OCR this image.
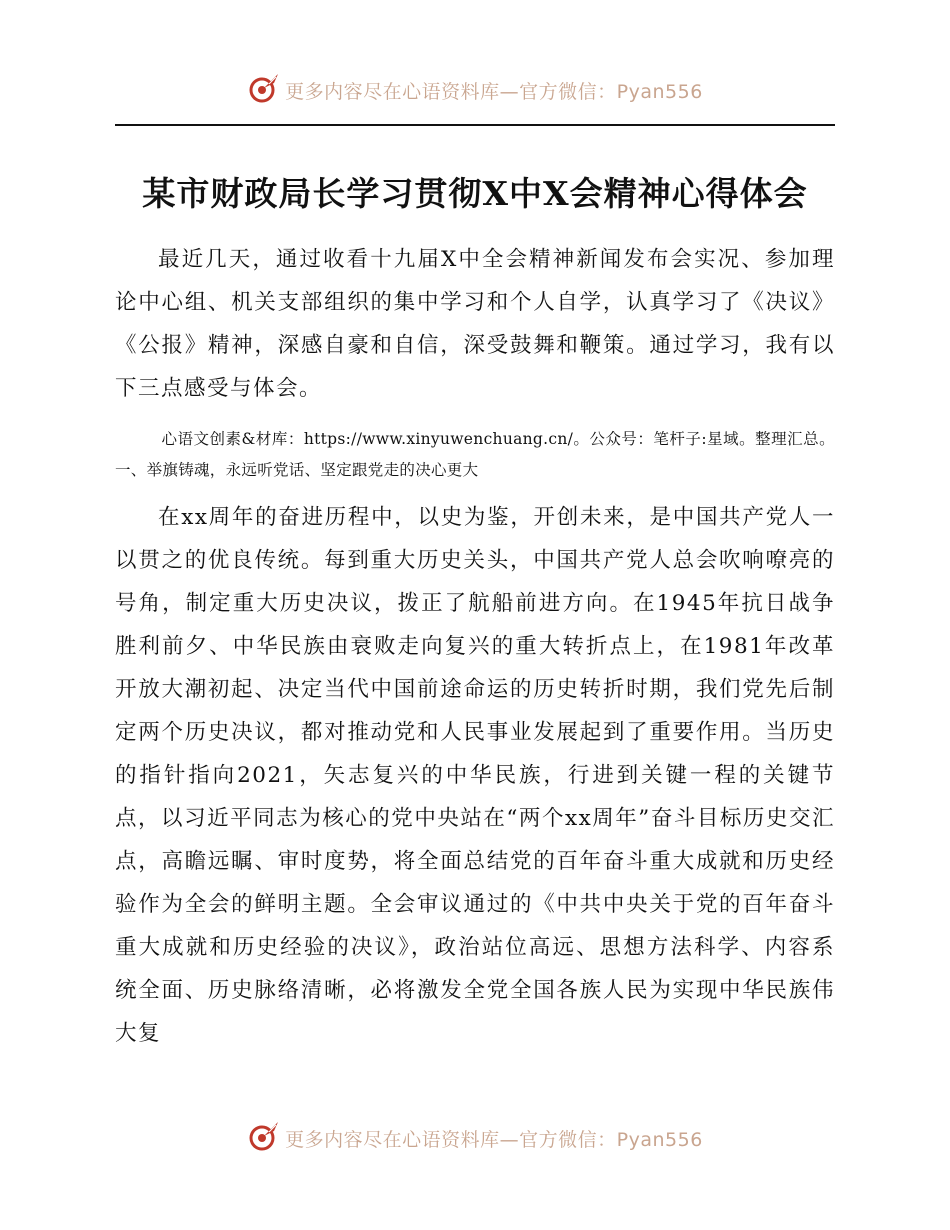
更多内容尽在心语资料库—官方微信：Pyan556
某市财政局长学习贯彻X中X会精神心得体会
最近几天，通过收看十九届X中全会精神新闻发布会实况、参加理论中心组、机关支部组织的集中学习和个人自学，认真学习了《决议》《公报》精神，深感自豪和自信，深受鼓舞和鞭策。通过学习，我有以下三点感受与体会。
心语文创素&材库：https://www.xinyuwenchuang.cn/。公众号：笔杆子:星域。整理汇总。一、举旗铸魂，永远听党话、坚定跟党走的决心更大
在xx周年的奋进历程中，以史为鉴，开创未来，是中国共产党人一以贯之的优良传统。每到重大历史关头，中国共产党人总会吹响嘹亮的号角，制定重大历史决议，拨正了航船前进方向。在1945年抗日战争胜利前夕、中华民族由衰败走向复兴的重大转折点上，在1981年改革开放大潮初起、决定当代中国前途命运的历史转折时期，我们党先后制定两个历史决议，都对推动党和人民事业发展起到了重要作用。当历史的指针指向2021，矢志复兴的中华民族，行进到关键一程的关键节点，以习近平同志为核心的党中央站在“两个xx周年”奋斗目标历史交汇点，高瞻远瞩、审时度势，将全面总结党的百年奋斗重大成就和历史经验作为全会的鲜明主题。全会审议通过的《中共中央关于党的百年奋斗重大成就和历史经验的决议》，政治站位高远、思想方法科学、内容系统全面、历史脉络清晰，必将激发全党全国各族人民为实现中华民族伟大复
更多内容尽在心语资料库—官方微信：Pyan556
